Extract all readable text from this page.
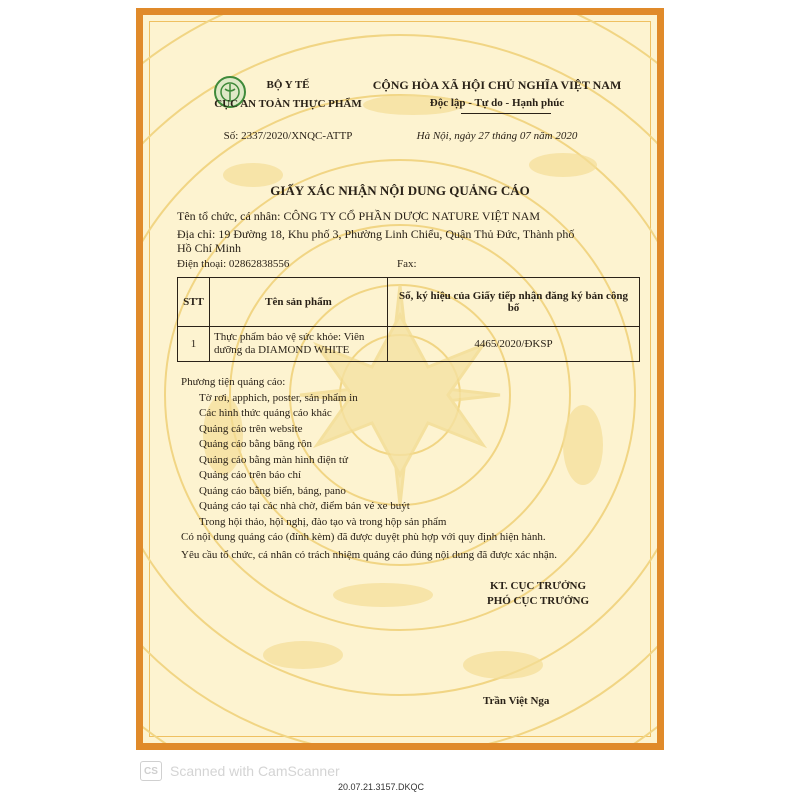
BỘ Y TẾ
CỤC AN TOÀN THỰC PHẨM
Số: 2337/2020/XNQC-ATTP
CỘNG HÒA XÃ HỘI CHỦ NGHĨA VIỆT NAM
Độc lập - Tự do - Hạnh phúc
Hà Nội, ngày 27 tháng 07 năm 2020
GIẤY XÁC NHẬN NỘI DUNG QUẢNG CÁO
Tên tổ chức, cá nhân: CÔNG TY CỔ PHẦN DƯỢC NATURE VIỆT NAM
Địa chỉ: 19 Đường 18, Khu phố 3, Phường Linh Chiểu, Quận Thủ Đức, Thành phố
Hồ Chí Minh
Điện thoại: 02862838556	Fax:
STT	Tên sản phẩm	Số, ký hiệu của Giấy tiếp nhận đăng ký bản công bố
1	Thực phẩm bảo vệ sức khỏe: Viên dưỡng da DIAMOND WHITE	4465/2020/ĐKSP
Phương tiện quảng cáo:
Tờ rơi, apphich, poster, sản phẩm in
Các hình thức quảng cáo khác
Quảng cáo trên website
Quảng cáo bằng băng rôn
Quảng cáo bằng màn hình điện tử
Quảng cáo trên báo chí
Quảng cáo bằng biển, bảng, pano
Quảng cáo tại các nhà chờ, điểm bán vé xe buýt
Trong hội thảo, hội nghị, đào tạo và trong hộp sản phẩm
Có nội dung quảng cáo (đính kèm) đã được duyệt phù hợp với quy định hiện hành.
Yêu cầu tổ chức, cá nhân có trách nhiệm quảng cáo đúng nội dung đã được xác nhận.
KT. CỤC TRƯỞNG
PHÓ CỤC TRƯỞNG
Trần Việt Nga
CS Scanned with CamScanner
20.07.21.3157.DKQC
